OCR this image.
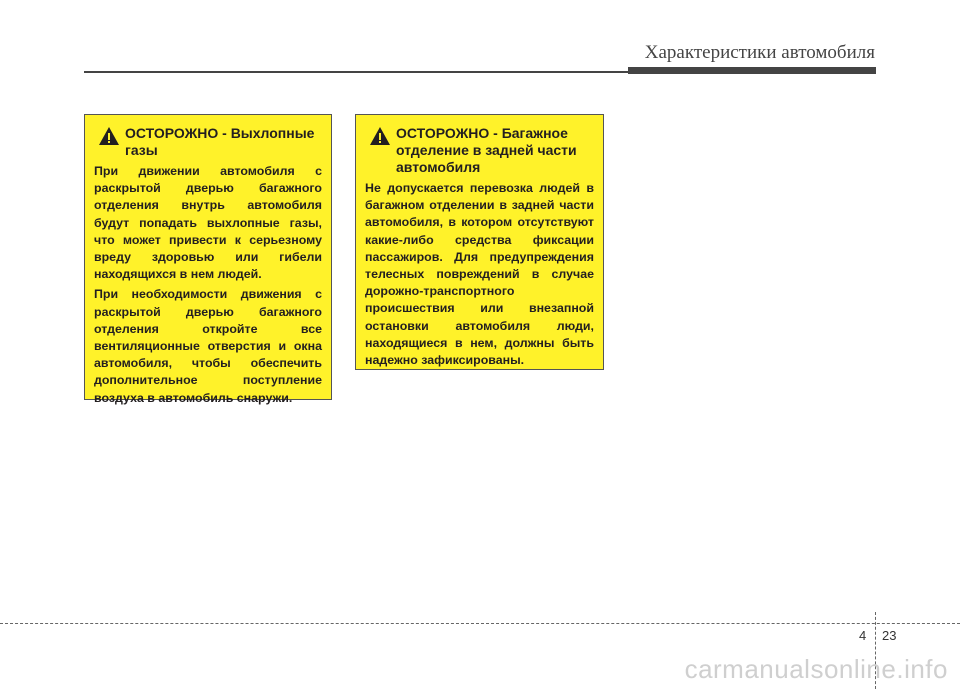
Характеристики автомобиля
ОСТОРОЖНО - Выхлопные газы

При движении автомобиля с раскрытой дверью багажного отделения внутрь автомобиля будут попадать выхлопные газы, что может привести к серьезному вреду здоровью или гибели находящихся в нем людей.

При необходимости движения с раскрытой дверью багажного отделения откройте все вентиляционные отверстия и окна автомобиля, чтобы обеспечить дополнительное поступление воздуха в автомобиль снаружи.

ОСТОРОЖНО - Багажное отделение в задней части автомобиля

Не допускается перевозка людей в багажном отделении в задней части автомобиля, в котором отсутствуют какие-либо средства фиксации пассажиров. Для предупреждения телесных повреждений в случае дорожно-транспортного происшествия или внезапной остановки автомобиля люди, находящиеся в нем, должны быть надежно зафиксированы.

4 23
carmanualsonline.info
